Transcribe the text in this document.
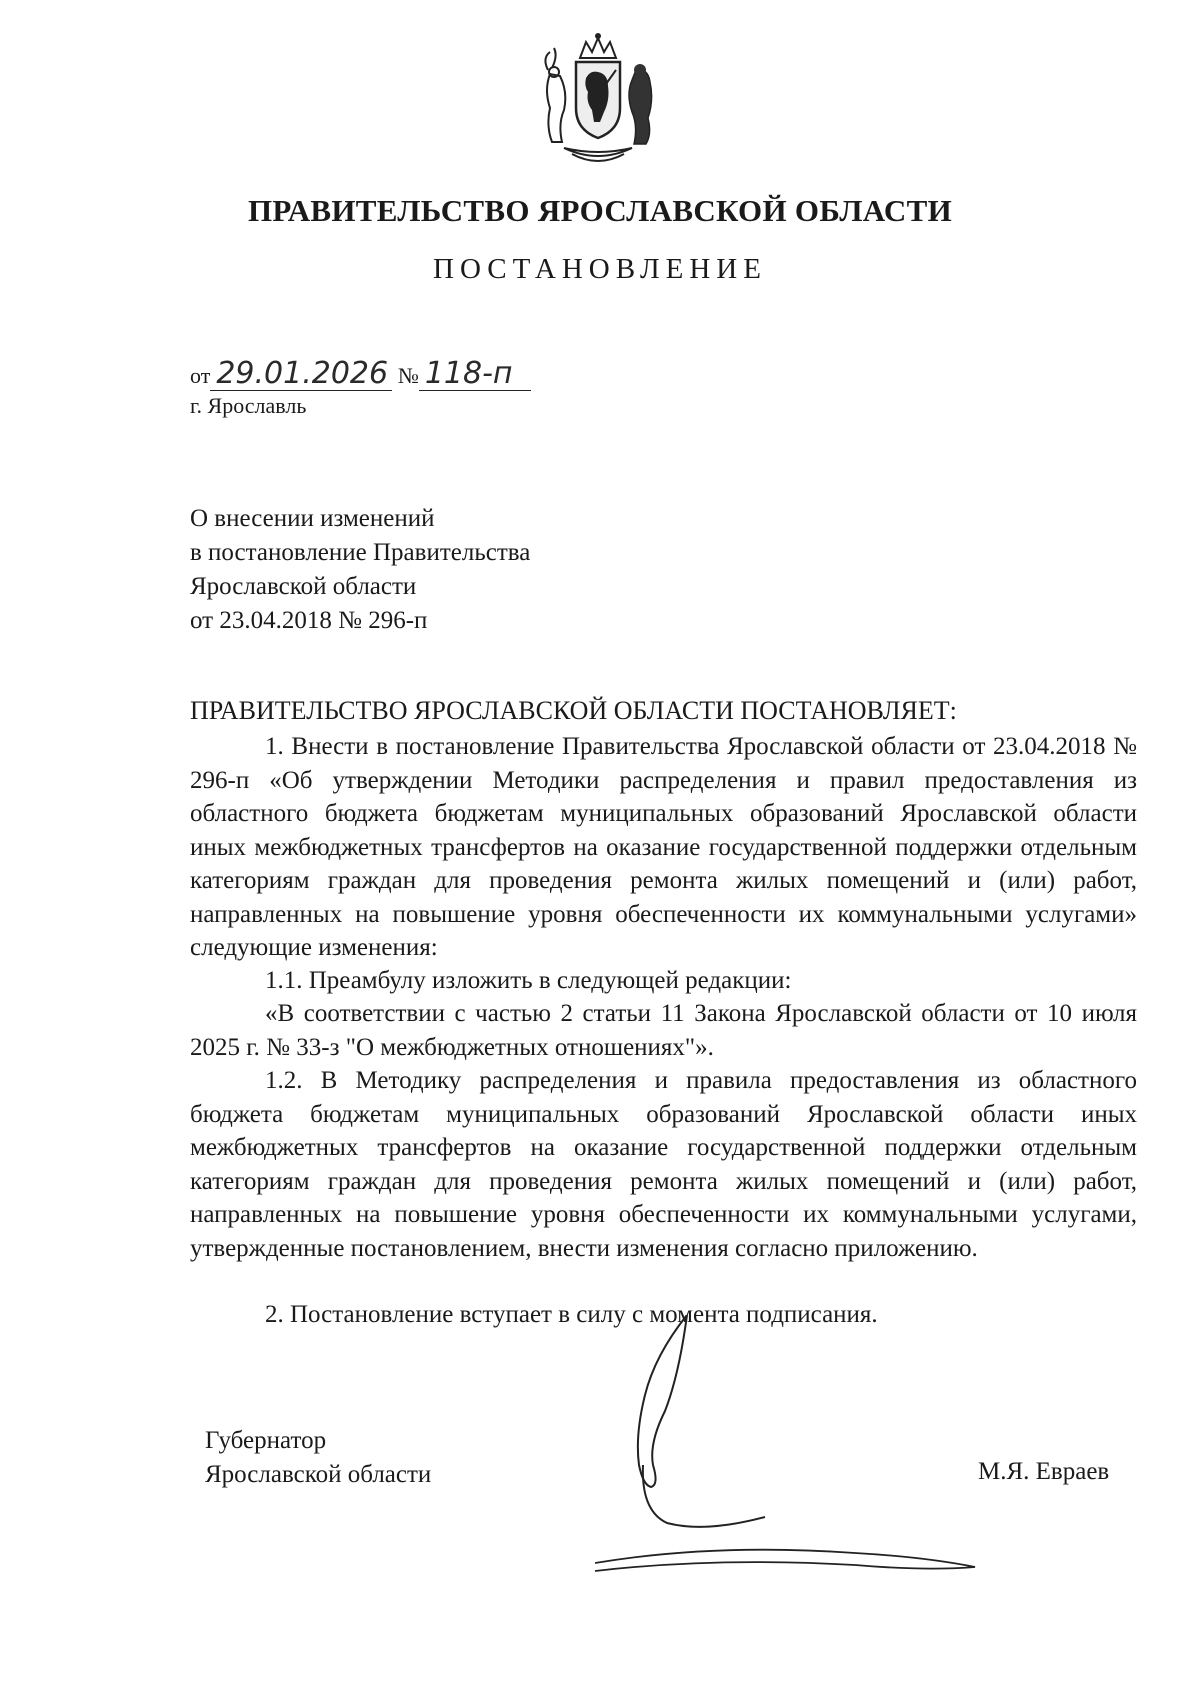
ПРАВИТЕЛЬСТВО ЯРОСЛАВСКОЙ ОБЛАСТИ
ПОСТАНОВЛЕНИЕ
от 29.01.2026 № 118-п
г. Ярославль
О внесении изменений
в постановление Правительства
Ярославской области
от 23.04.2018 № 296-п
ПРАВИТЕЛЬСТВО ЯРОСЛАВСКОЙ ОБЛАСТИ ПОСТАНОВЛЯЕТ:
1. Внести в постановление Правительства Ярославской области от 23.04.2018 № 296-п «Об утверждении Методики распределения и правил предоставления из областного бюджета бюджетам муниципальных образований Ярославской области иных межбюджетных трансфертов на оказание государственной поддержки отдельным категориям граждан для проведения ремонта жилых помещений и (или) работ, направленных на повышение уровня обеспеченности их коммунальными услугами» следующие изменения:
1.1. Преамбулу изложить в следующей редакции:
«В соответствии с частью 2 статьи 11 Закона Ярославской области от 10 июля 2025 г. № 33-з "О межбюджетных отношениях"».
1.2. В Методику распределения и правила предоставления из областного бюджета бюджетам муниципальных образований Ярославской области иных межбюджетных трансфертов на оказание государственной поддержки отдельным категориям граждан для проведения ремонта жилых помещений и (или) работ, направленных на повышение уровня обеспеченности их коммунальными услугами, утвержденные постановлением, внести изменения согласно приложению.
2. Постановление вступает в силу с момента подписания.
Губернатор
Ярославской области	М.Я. Евраев
